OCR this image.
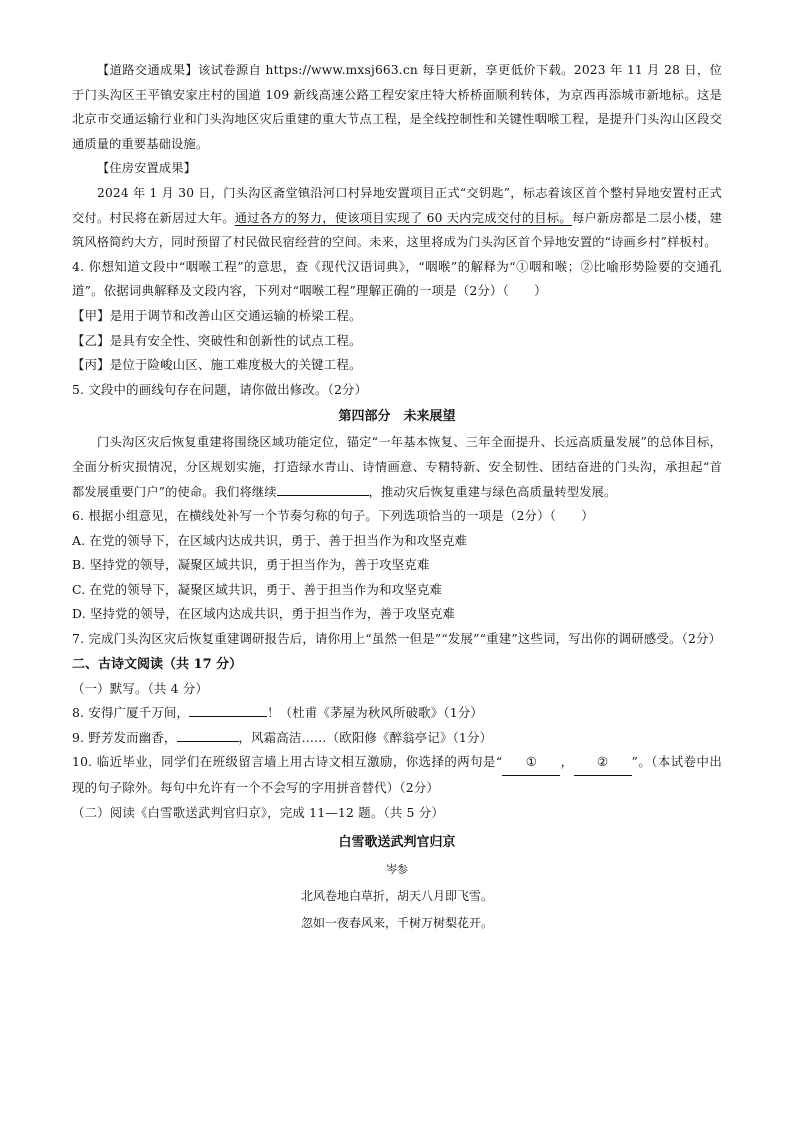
【道路交通成果】该试卷源自 https://www.mxsj663.cn 每日更新，享更低价下载。2023 年 11 月 28 日，位于门头沟区王平镇安家庄村的国道 109 新线高速公路工程安家庄特大桥桥面顺利转体，为京西再添城市新地标。这是北京市交通运输行业和门头沟地区灾后重建的重大节点工程，是全线控制性和关键性咽喉工程，是提升门头沟山区段交通质量的重要基础设施。

【住房安置成果】

2024 年 1 月 30 日，门头沟区斋堂镇沿河口村异地安置项目正式“交钥匙”，标志着该区首个整村异地安置村正式交付。村民将在新居过大年。通过各方的努力，使该项目实现了 60 天内完成交付的目标。每户新房都是二层小楼，建筑风格简约大方，同时预留了村民做民宿经营的空间。未来，这里将成为门头沟区首个异地安置的“诗画乡村”样板村。

4. 你想知道文段中“咽喉工程”的意思，查《现代汉语词典》，“咽喉”的解释为“①咽和喉；②比喻形势险要的交通孔道”。依据词典解释及文段内容，下列对“咽喉工程”理解正确的一项是（2分）（　　）

【甲】是用于调节和改善山区交通运输的桥梁工程。

【乙】是具有安全性、突破性和创新性的试点工程。

【丙】是位于险峻山区、施工难度极大的关键工程。

5. 文段中的画线句存在问题，请你做出修改。（2分）

第四部分　未来展望

门头沟区灾后恢复重建将围绕区域功能定位，锚定“一年基本恢复、三年全面提升、长远高质量发展”的总体目标，全面分析灾损情况，分区规划实施，打造绿水青山、诗情画意、专精特新、安全韧性、团结奋进的门头沟，承担起“首都发展重要门户”的使命。我们将继续	，推动灾后恢复重建与绿色高质量转型发展。

6. 根据小组意见，在横线处补写一个节奏匀称的句子。下列选项恰当的一项是（2分）（　　）

A. 在党的领导下，在区域内达成共识，勇于、善于担当作为和攻坚克难

B. 坚持党的领导，凝聚区域共识，勇于担当作为，善于攻坚克难

C. 在党的领导下，凝聚区域共识，勇于、善于担当作为和攻坚克难

D. 坚持党的领导，在区域内达成共识，勇于担当作为，善于攻坚克难

7. 完成门头沟区灾后恢复重建调研报告后，请你用上“虽然一但是”“发展”“重建”这些词，写出你的调研感受。（2分）

二、古诗文阅读（共 17 分）

（一）默写。（共 4 分）

8. 安得广厦千万间，	！（杜甫《茅屋为秋风所破歌》（1分）

9. 野芳发而幽香，	，风霜高洁……（欧阳修《醉翁亭记》（1分）

10. 临近毕业，同学们在班级留言墙上用古诗文相互激励，你选择的两句是“ ① ， ② ”。（本试卷中出现的句子除外。每句中允许有一个不会写的字用拼音替代）（2分）

（二）阅读《白雪歌送武判官归京》，完成 11—12 题。（共 5 分）

白雪歌送武判官归京

岑参

北风卷地白草折，胡天八月即飞雪。

忽如一夜春风来，千树万树梨花开。
